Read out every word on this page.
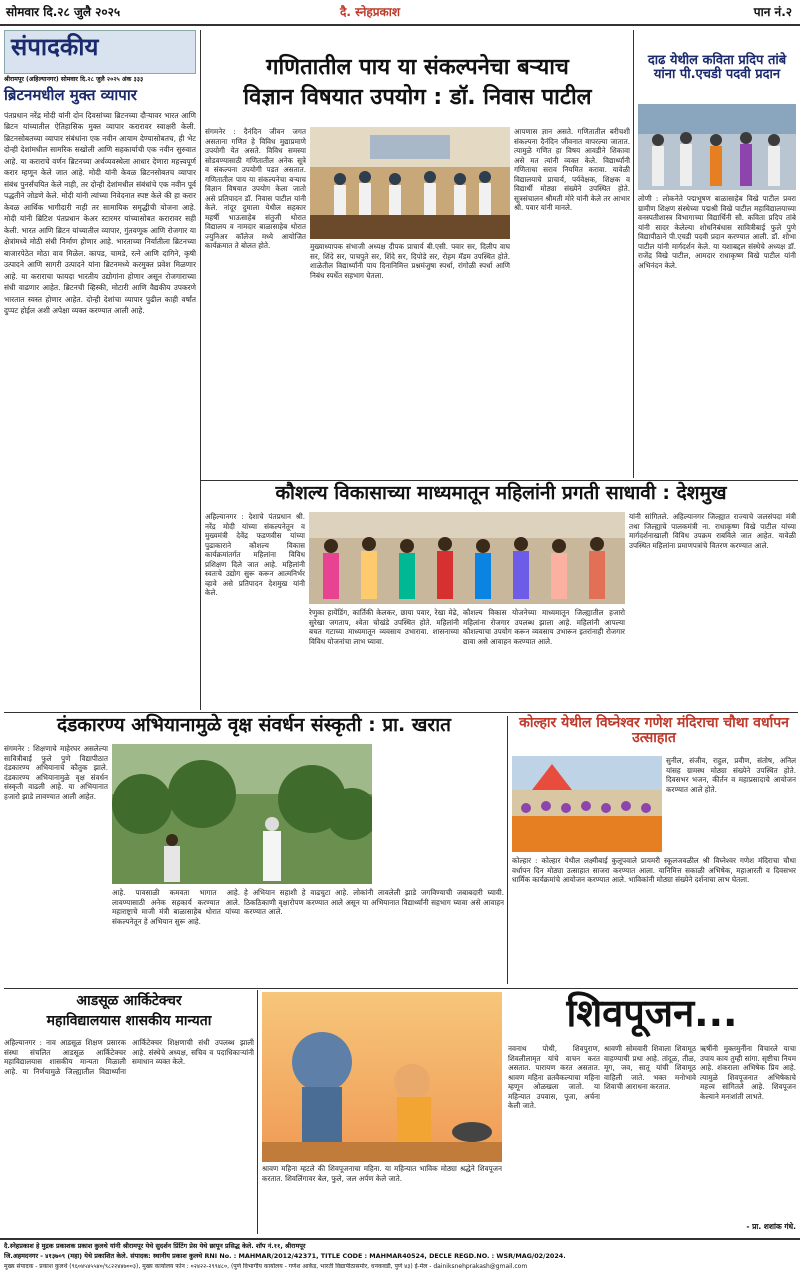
सोमवार दि.२८ जुलै २०२५	दै. स्नेहप्रकाश	पान नं.२
संपादकीय
श्रीरामपूर (अहिल्यानगर) सोमवार दि.२८ जुलै २०२५ अंक ३३३
ब्रिटनमधील मुक्त व्यापार
पंतप्रधान नरेंद्र मोदी यांनी दोन दिवसांच्या ब्रिटनच्या दौऱ्यावर भारत आणि ब्रिटन यांच्यातील ऐतिहासिक मुक्त व्यापार करारावर स्वाक्षरी केली. ब्रिटनसोबतच्या व्यापार संबंधांना एक नवीन आयाम देण्यासोबतच, ही भेट दोन्ही देशांमधील सामरिक सखोली आणि सहकार्याची एक नवीन सुरुवात आहे. या कराराचे वर्णन ब्रिटनच्या अर्थव्यवस्थेला आधार देणारा महत्त्वपूर्ण करार म्हणून केले जात आहे. मोदी यांनी केवळ ब्रिटनसोबतच व्यापार संबंध पुनर्संचयित केले नाही, तर दोन्ही देशांमधील संबंधांचे एक नवीन पूर्व पद्धतीने जोडणे केले. मोदी यांनी त्यांच्या निवेदनात स्पष्ट केले की हा करार केवळ आर्थिक भागीदारी नाही तर सामायिक समृद्धीची योजना आहे. मोदी यांनी ब्रिटिश पंतप्रधान केअर स्टारमर यांच्यासोबत करारावर सही केली. भारत आणि ब्रिटन यांच्यातील व्यापार, गुंतवणूक आणि रोजगार या क्षेत्रांमध्ये मोठी संधी निर्माण होणार आहे. भारताच्या निर्यातीला ब्रिटनच्या बाजारपेठेत मोठा वाव मिळेल. कापड, चामडे, रत्ने आणि दागिने, कृषी उत्पादने आणि सागरी उत्पादने यांना ब्रिटनमध्ये करमुक्त प्रवेश मिळणार आहे. या कराराचा फायदा भारतीय उद्योगांना होणार असून रोजगाराच्या संधी वाढणार आहेत. ब्रिटनची व्हिस्की, मोटारी आणि वैद्यकीय उपकरणे भारतात स्वस्त होणार आहेत. दोन्ही देशांचा व्यापार पुढील काही वर्षांत दुप्पट होईल अशी अपेक्षा व्यक्त करण्यात आली आहे.
गणितातील पाय या संकल्पनेचा बऱ्याच
विज्ञान विषयात उपयोग : डॉ. निवास पाटील
संगमनेर : दैनंदिन जीवन जगत असताना गणित हे विविध मुद्याप्रमाणे उपयोगी येत असते. विविध समस्या सोडवण्यासाठी गणितातील अनेक सूत्रे व संकल्पना उपयोगी पडत असतात. गणितातील पाय या संकल्पनेचा बऱ्याच विज्ञान विषयात उपयोग केला जातो असे प्रतिपादन डॉ. निवास पाटील यांनी केले. नांदूर दुमाला येथील सहकार महर्षी भाऊसाहेब संतुजी थोरात विद्यालय व नामदार बाळासाहेब थोरात ज्युनिअर कॉलेज मध्ये आयोजित कार्यक्रमात ते बोलत होते.	मुख्याध्यापक संभाजी अध्यक्ष दीपक प्राचार्य बी.एसी. पवार सर, दिलीप वाघ सर, शिंदे सर, पाचपुते सर, शिंदे सर, दिपोडे सर, रोहम मॅडम उपस्थित होते. शाळेतील विद्यार्थ्यांनी पाय दिनानिमित्त प्रश्नमंजुषा स्पर्धा, रांगोळी स्पर्धा आणि निबंध स्पर्धेत सहभाग घेतला.
आपणास ज्ञान असते. गणितातील बरीचशी संकल्पना दैनंदिन जीवनात वापरल्या जातात. त्यामुळे गणित हा विषय आवडीने शिकावा असे मत त्यांनी व्यक्त केले. विद्यार्थ्यांनी गणिताचा सराव नियमित करावा. यावेळी विद्यालयाचे प्राचार्य, पर्यवेक्षक, शिक्षक व विद्यार्थी मोठ्या संख्येने उपस्थित होते. सूत्रसंचालन श्रीमती मोरे यांनी केले तर आभार श्री. पवार यांनी मानले.
दाढ येथील कविता प्रदिप तांबे यांना पी.एचडी पदवी प्रदान
लोणी : लोकनेते पद्मभूषण बाळासाहेब विखे पाटील प्रवरा ग्रामीण शिक्षण संस्थेच्या पद्मश्री विखे पाटील महाविद्यालयाच्या वनस्पतीशास्त्र विभागाच्या विद्यार्थिनी सौ. कविता प्रदिप तांबे यांनी सादर केलेल्या शोधनिबंधास सावित्रीबाई फुले पुणे विद्यापीठाने पी.एचडी पदवी प्रदान करण्यात आली. डॉ. शोभा पाटील यांनी मार्गदर्शन केले. या यशाबद्दल संस्थेचे अध्यक्ष डॉ. राजेंद्र विखे पाटील, आमदार राधाकृष्ण विखे पाटील यांनी अभिनंदन केले.
कौशल्य विकासाच्या माध्यमातून महिलांनी प्रगती साधावी : देशमुख
अहिल्यानगर : देशाचे पंतप्रधान श्री. नरेंद्र मोदी यांच्या संकल्पनेतून व मुख्यमंत्री देवेंद्र फडणवीस यांच्या पुढाकाराने कौशल्य विकास कार्यक्रमांतर्गत महिलांना विविध प्रशिक्षण दिले जात आहे. महिलांनी स्वतःचे उद्योग सुरू करून आत्मनिर्भर व्हावे असे प्रतिपादन देशमुख यांनी केले.
रेणुका हायेंडिंग, कार्तिकी केलकर, छाया पवार, रेखा मेढे, सुरेखा जगताप, श्वेता चोखंडे उपस्थित होते. महिलांनी बचत गटाच्या माध्यमातून व्यवसाय उभारावा. शासनाच्या विविध योजनांचा लाभ घ्यावा.
कौशल्य विकास योजनेच्या माध्यमातून जिल्ह्यातील हजारो महिलांना रोजगार उपलब्ध झाला आहे. महिलांनी आपल्या कौशल्याचा उपयोग करून व्यवसाय उभारून इतरांनाही रोजगार द्यावा असे आवाहन करण्यात आले.
यांनी सांगितले. अहिल्यानगर जिल्ह्यात राज्याचे जलसंपदा मंत्री तथा जिल्ह्याचे पालकमंत्री ना. राधाकृष्ण विखे पाटील यांच्या मार्गदर्शनाखाली विविध उपक्रम राबविले जात आहेत. यावेळी उपस्थित महिलांना प्रमाणपत्रांचे वितरण करण्यात आले.
दंडकारण्य अभियानामुळे वृक्ष संवर्धन संस्कृती : प्रा. खरात
संगमनेर : शिक्षणाचे माहेरघर असलेल्या सावित्रीबाई फुले पुणे विद्यापीठात दंडकारण्य अभियानाचे कौतुक झाले. दंडकारण्य अभियानामुळे वृक्ष संवर्धन संस्कृती वाढली आहे. या अभियानात हजारो झाडे लावण्यात आली आहेत.
आहे. पावसाळी कमवता भागात आहे. लावण्यासाठी अनेक सहकार्य करण्यात आले. महाराष्ट्राचे माजी मंत्री बाळासाहेब थोरात यांच्या संकल्पनेतून हे अभियान सुरू आहे.
हे अभियान सहाशी हे वाढचुटा आहे. लोकांनी लावलेली झाडे जगविण्याची जबाबदारी घ्यावी. ठिकठिकाणी वृक्षारोपण करण्यात आले असून या अभियानात विद्यार्थ्यांनी सहभाग घ्यावा असे आवाहन करण्यात आले.
कोल्हार येथील विघ्नेश्वर गणेश मंदिराचा चौथा वर्धापन उत्साहात
सुनील, संजीव, राहुल, प्रवीण, संतोष, अनिल यांसह ग्रामस्थ मोठ्या संख्येने उपस्थित होते. दिवसभर भजन, कीर्तन व महाप्रसादाचे आयोजन करण्यात आले होते.
कोल्हार : कोल्हार येथील लक्ष्मीबाई कुलूपवाले प्रायमरी स्कूलजवळील श्री विघ्नेश्वर गणेश मंदिराचा चौथा वर्धापन दिन मोठ्या उत्साहात साजरा करण्यात आला. यानिमित्त सकाळी अभिषेक, महाआरती व दिवसभर धार्मिक कार्यक्रमांचे आयोजन करण्यात आले. भाविकांनी मोठ्या संख्येने दर्शनाचा लाभ घेतला.
आडसूळ आर्किटेक्चर
महाविद्यालयास शासकीय मान्यता
अहिल्यानगर : नाव आडसूळ शिक्षण प्रसारक संस्था संचलित आडसूळ आर्किटेक्चर महाविद्यालयास शासकीय मान्यता मिळाली आहे. या निर्णयामुळे जिल्ह्यातील विद्यार्थ्यांना आर्किटेक्चर शिक्षणाची संधी उपलब्ध झाली आहे. संस्थेचे अध्यक्ष, सचिव व पदाधिकाऱ्यांनी समाधान व्यक्त केले.
श्रावण महिना म्हटले की शिवपूजनाचा महिना. या महिन्यात भाविक मोठ्या श्रद्धेने शिवपूजन करतात. शिवलिंगावर बेल, फुले, जल अर्पण केले जाते.
शिवपूजन...
नवनाथ पोथी, शिवपुराण, शिवलीलामृत यांचे वाचन करत असतात. पारायण करत असतात. श्रावण महिना व्रतवैकल्याचा महिना म्हणून ओळखला जातो. या महिन्यात उपवास, पूजा, अर्चना केली जाते.
श्रावणी सोमवारी शिवाला शिवामूठ वाहण्याची प्रथा आहे. तांदूळ, तीळ, मूग, जव, सातू यांची शिवामूठ वाहिली जाते. भक्त मनोभावे शिवाची आराधना करतात.
ऋषींनी मुक्तमुनींना विचारले याचा उपाय काय तुम्ही सांगा. सृष्टीचा नियम आहे. शंकराला अभिषेक प्रिय आहे. त्यामुळे शिवपूजनात अभिषेकाचे महत्त्व सांगितले आहे. शिवपूजन केल्याने मनःशांती लाभते.
- प्रा. शशांक गंधे.
दै.स्नेहप्रकाश हे मुद्रक प्रकाशक प्रकाश कुलथे यांनी श्रीरामपूर येथे सुदर्शन प्रिंटिंग प्रेस येथे छापून प्रसिद्ध केले. शॉप नं.११, श्रीरामपूर
जि.अहमदनगर - ४१३७०९ (महा) येथे प्रकाशित केले. संपादक: स्थानीय प्रकाश कुलथे RNI No. : MAHMAR/2012/42371, TITLE CODE : MAHMAR40524, DECLE REGD.NO. : WSR/MAG/02/2024.
मुख्य संपादक - प्रकाश कुलथे (९६०४५४५५४०/९८२२४४७००३), मुख्य कार्यालय फोन : ०२४२२-२९९४८०, (पुणे विभागीय कार्यालय - गणेश आर्केड, भारती विद्यापीठासमोर, धनकवडी, पुणे ४३) ई-मेल - dainiksnehprakash@gmail.com
